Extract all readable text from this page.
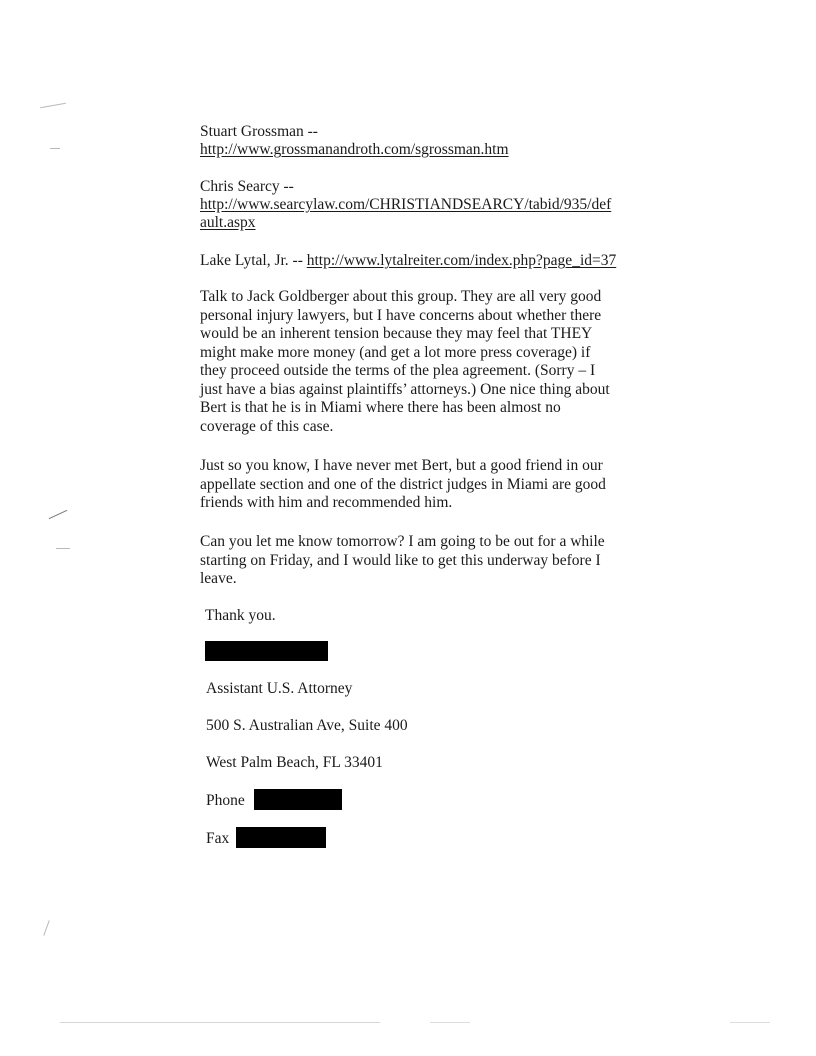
Stuart Grossman --
http://www.grossmanandroth.com/sgrossman.htm
Chris Searcy --
http://www.searcylaw.com/CHRISTIANDSEARCY/tabid/935/def
ault.aspx
Lake Lytal, Jr. -- http://www.lytalreiter.com/index.php?page_id=37
Talk to Jack Goldberger about this group. They are all very good
personal injury lawyers, but I have concerns about whether there
would be an inherent tension because they may feel that THEY
might make more money (and get a lot more press coverage) if
they proceed outside the terms of the plea agreement. (Sorry – I
just have a bias against plaintiffs’ attorneys.) One nice thing about
Bert is that he is in Miami where there has been almost no
coverage of this case.
Just so you know, I have never met Bert, but a good friend in our
appellate section and one of the district judges in Miami are good
friends with him and recommended him.
Can you let me know tomorrow? I am going to be out for a while
starting on Friday, and I would like to get this underway before I
leave.
Thank you.
Assistant U.S. Attorney
500 S. Australian Ave, Suite 400
West Palm Beach, FL 33401
Phone
Fax
